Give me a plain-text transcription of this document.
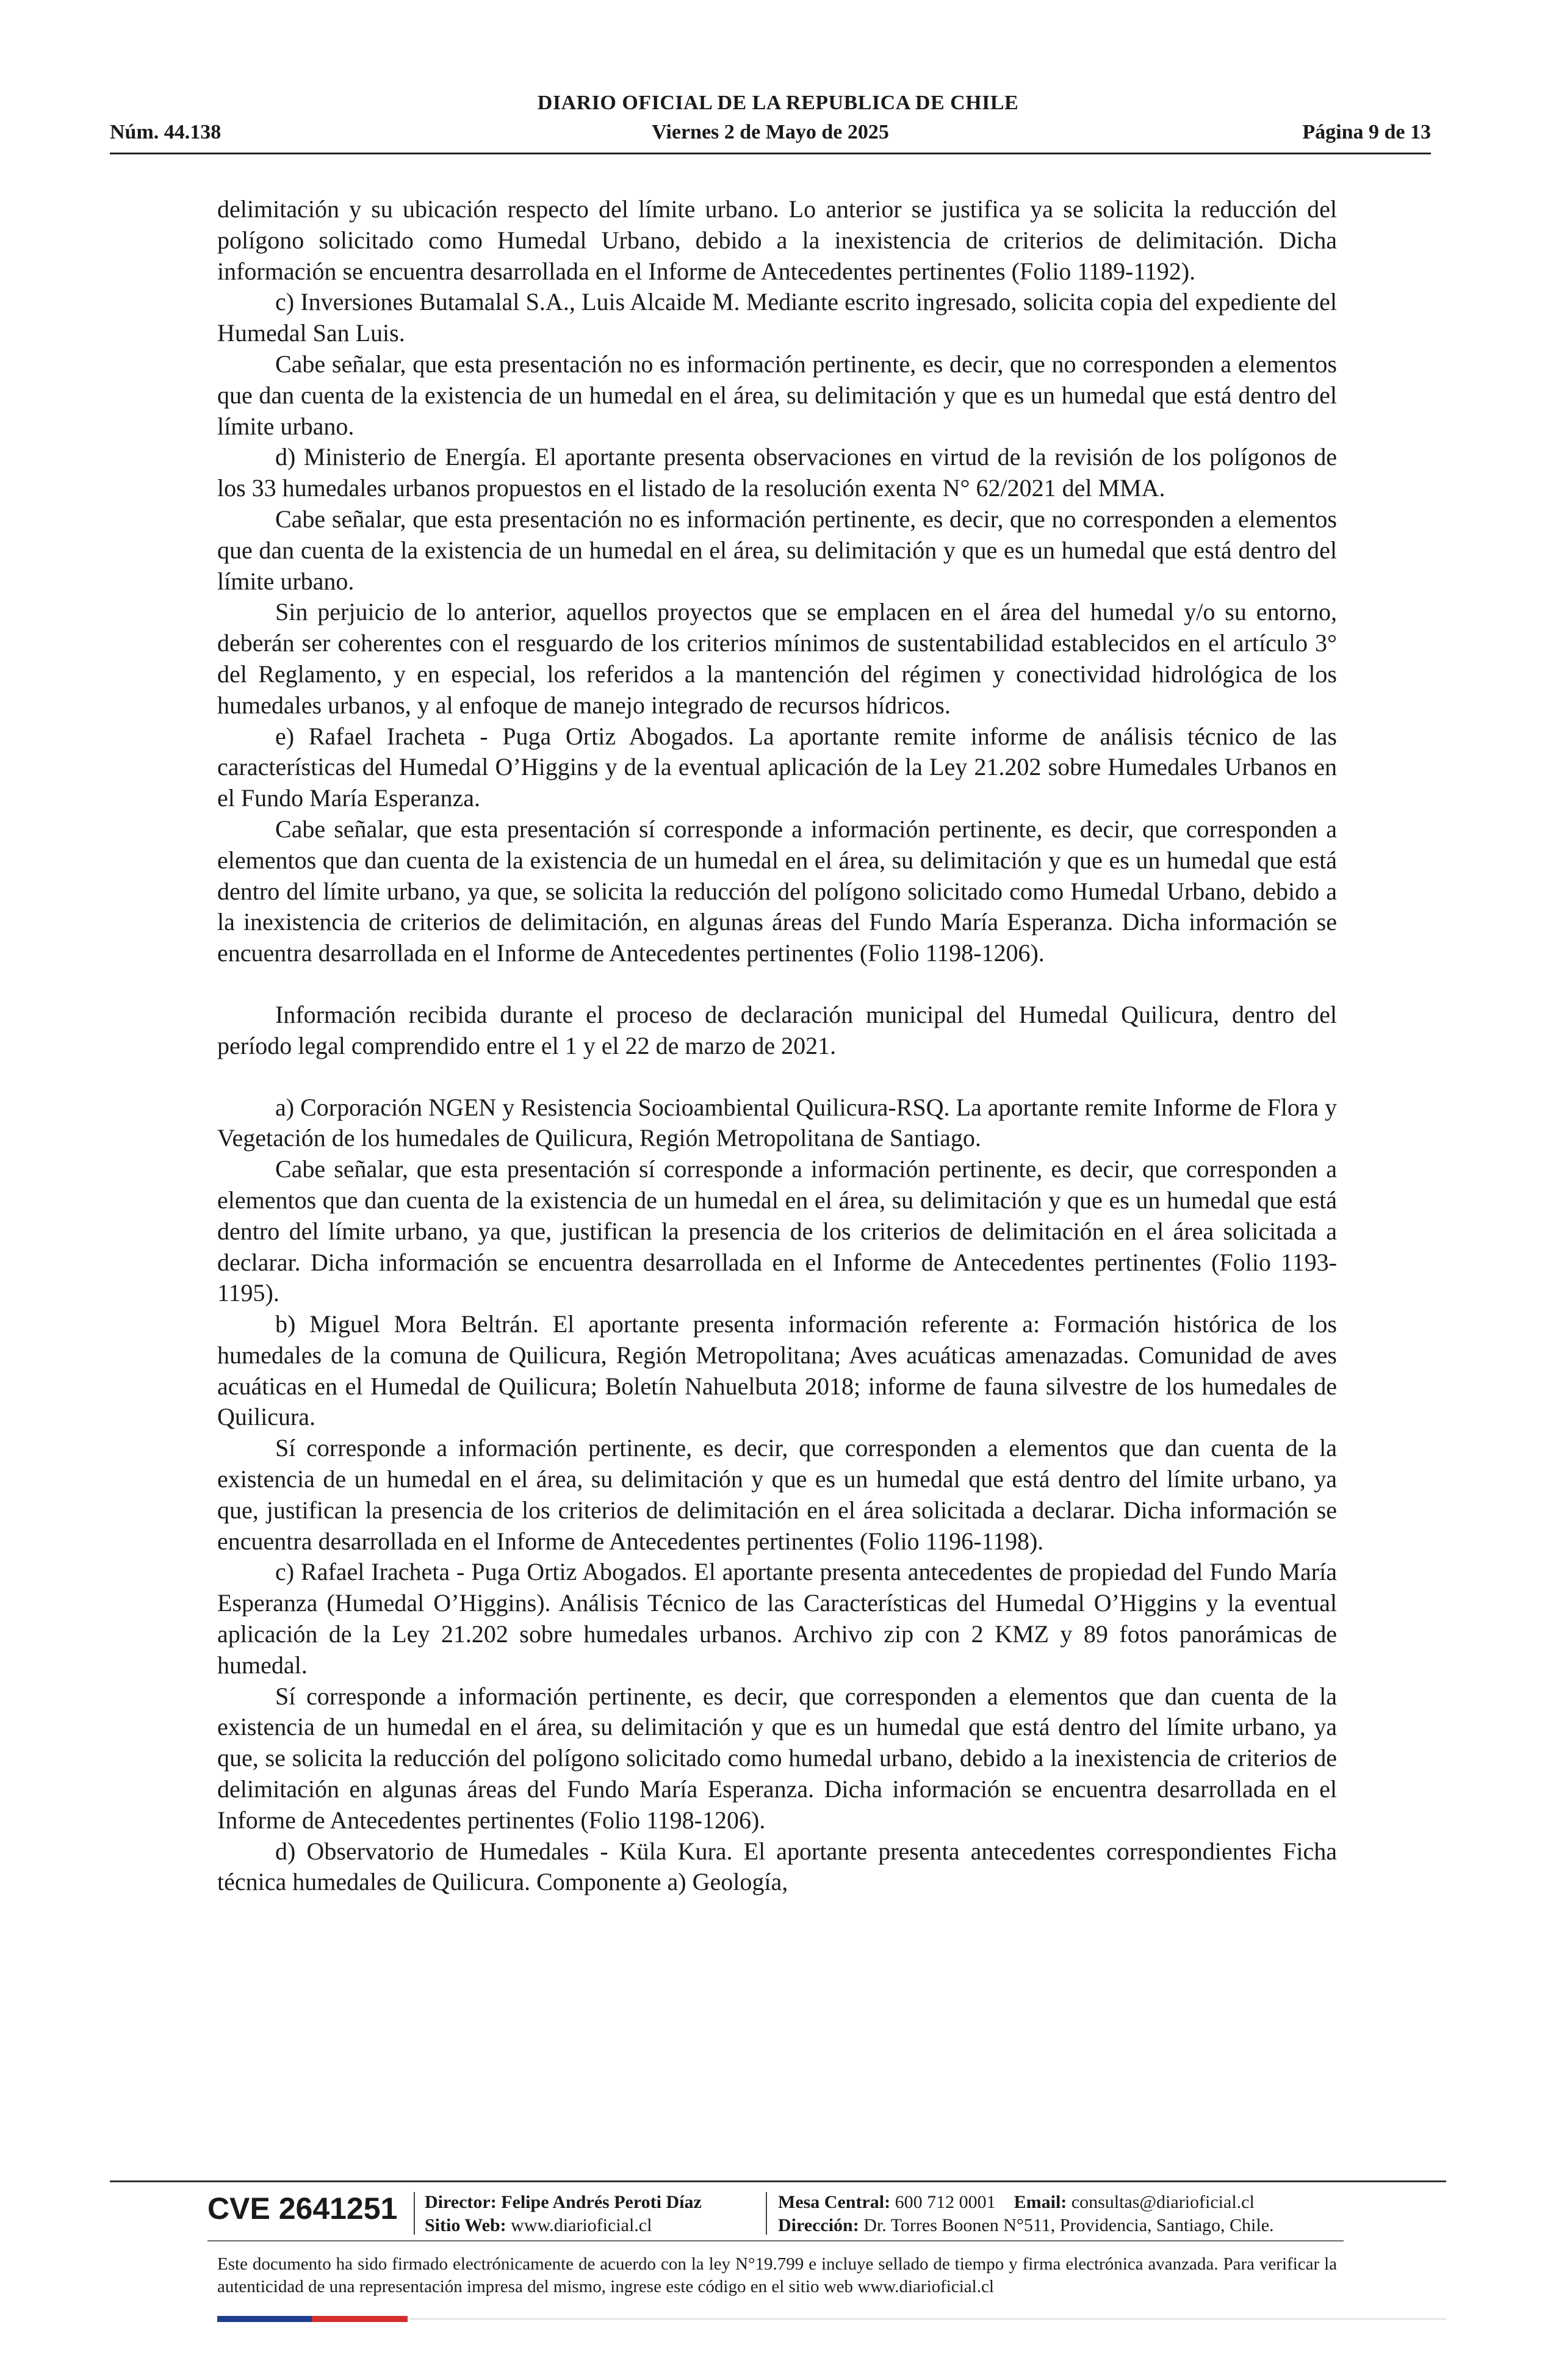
DIARIO OFICIAL DE LA REPUBLICA DE CHILE
Núm. 44.138	Viernes 2 de Mayo de 2025	Página 9 de 13

delimitación y su ubicación respecto del límite urbano. Lo anterior se justifica ya se solicita la reducción del polígono solicitado como Humedal Urbano, debido a la inexistencia de criterios de delimitación. Dicha información se encuentra desarrollada en el Informe de Antecedentes pertinentes (Folio 1189-1192).

c) Inversiones Butamalal S.A., Luis Alcaide M. Mediante escrito ingresado, solicita copia del expediente del Humedal San Luis.

Cabe señalar, que esta presentación no es información pertinente, es decir, que no corresponden a elementos que dan cuenta de la existencia de un humedal en el área, su delimitación y que es un humedal que está dentro del límite urbano.

d) Ministerio de Energía. El aportante presenta observaciones en virtud de la revisión de los polígonos de los 33 humedales urbanos propuestos en el listado de la resolución exenta N° 62/2021 del MMA.

Cabe señalar, que esta presentación no es información pertinente, es decir, que no corresponden a elementos que dan cuenta de la existencia de un humedal en el área, su delimitación y que es un humedal que está dentro del límite urbano.

Sin perjuicio de lo anterior, aquellos proyectos que se emplacen en el área del humedal y/o su entorno, deberán ser coherentes con el resguardo de los criterios mínimos de sustentabilidad establecidos en el artículo 3° del Reglamento, y en especial, los referidos a la mantención del régimen y conectividad hidrológica de los humedales urbanos, y al enfoque de manejo integrado de recursos hídricos.

e) Rafael Iracheta - Puga Ortiz Abogados. La aportante remite informe de análisis técnico de las características del Humedal O’Higgins y de la eventual aplicación de la Ley 21.202 sobre Humedales Urbanos en el Fundo María Esperanza.

Cabe señalar, que esta presentación sí corresponde a información pertinente, es decir, que corresponden a elementos que dan cuenta de la existencia de un humedal en el área, su delimitación y que es un humedal que está dentro del límite urbano, ya que, se solicita la reducción del polígono solicitado como Humedal Urbano, debido a la inexistencia de criterios de delimitación, en algunas áreas del Fundo María Esperanza. Dicha información se encuentra desarrollada en el Informe de Antecedentes pertinentes (Folio 1198-1206).

Información recibida durante el proceso de declaración municipal del Humedal Quilicura, dentro del período legal comprendido entre el 1 y el 22 de marzo de 2021.

a) Corporación NGEN y Resistencia Socioambiental Quilicura-RSQ. La aportante remite Informe de Flora y Vegetación de los humedales de Quilicura, Región Metropolitana de Santiago.

Cabe señalar, que esta presentación sí corresponde a información pertinente, es decir, que corresponden a elementos que dan cuenta de la existencia de un humedal en el área, su delimitación y que es un humedal que está dentro del límite urbano, ya que, justifican la presencia de los criterios de delimitación en el área solicitada a declarar. Dicha información se encuentra desarrollada en el Informe de Antecedentes pertinentes (Folio 1193-1195).

b) Miguel Mora Beltrán. El aportante presenta información referente a: Formación histórica de los humedales de la comuna de Quilicura, Región Metropolitana; Aves acuáticas amenazadas. Comunidad de aves acuáticas en el Humedal de Quilicura; Boletín Nahuelbuta 2018; informe de fauna silvestre de los humedales de Quilicura.

Sí corresponde a información pertinente, es decir, que corresponden a elementos que dan cuenta de la existencia de un humedal en el área, su delimitación y que es un humedal que está dentro del límite urbano, ya que, justifican la presencia de los criterios de delimitación en el área solicitada a declarar. Dicha información se encuentra desarrollada en el Informe de Antecedentes pertinentes (Folio 1196-1198).

c) Rafael Iracheta - Puga Ortiz Abogados. El aportante presenta antecedentes de propiedad del Fundo María Esperanza (Humedal O’Higgins). Análisis Técnico de las Características del Humedal O’Higgins y la eventual aplicación de la Ley 21.202 sobre humedales urbanos. Archivo zip con 2 KMZ y 89 fotos panorámicas de humedal.

Sí corresponde a información pertinente, es decir, que corresponden a elementos que dan cuenta de la existencia de un humedal en el área, su delimitación y que es un humedal que está dentro del límite urbano, ya que, se solicita la reducción del polígono solicitado como humedal urbano, debido a la inexistencia de criterios de delimitación en algunas áreas del Fundo María Esperanza. Dicha información se encuentra desarrollada en el Informe de Antecedentes pertinentes (Folio 1198-1206).

d) Observatorio de Humedales - Küla Kura. El aportante presenta antecedentes correspondientes Ficha técnica humedales de Quilicura. Componente a) Geología,

CVE 2641251 Director: Felipe Andrés Peroti Díaz
Sitio Web: www.diarioficial.cl
Mesa Central: 600 712 0001 Email: consultas@diarioficial.cl
Dirección: Dr. Torres Boonen N°511, Providencia, Santiago, Chile.
Este documento ha sido firmado electrónicamente de acuerdo con la ley N°19.799 e incluye sellado de tiempo y firma electrónica avanzada. Para verificar la autenticidad de una representación impresa del mismo, ingrese este código en el sitio web www.diarioficial.cl
